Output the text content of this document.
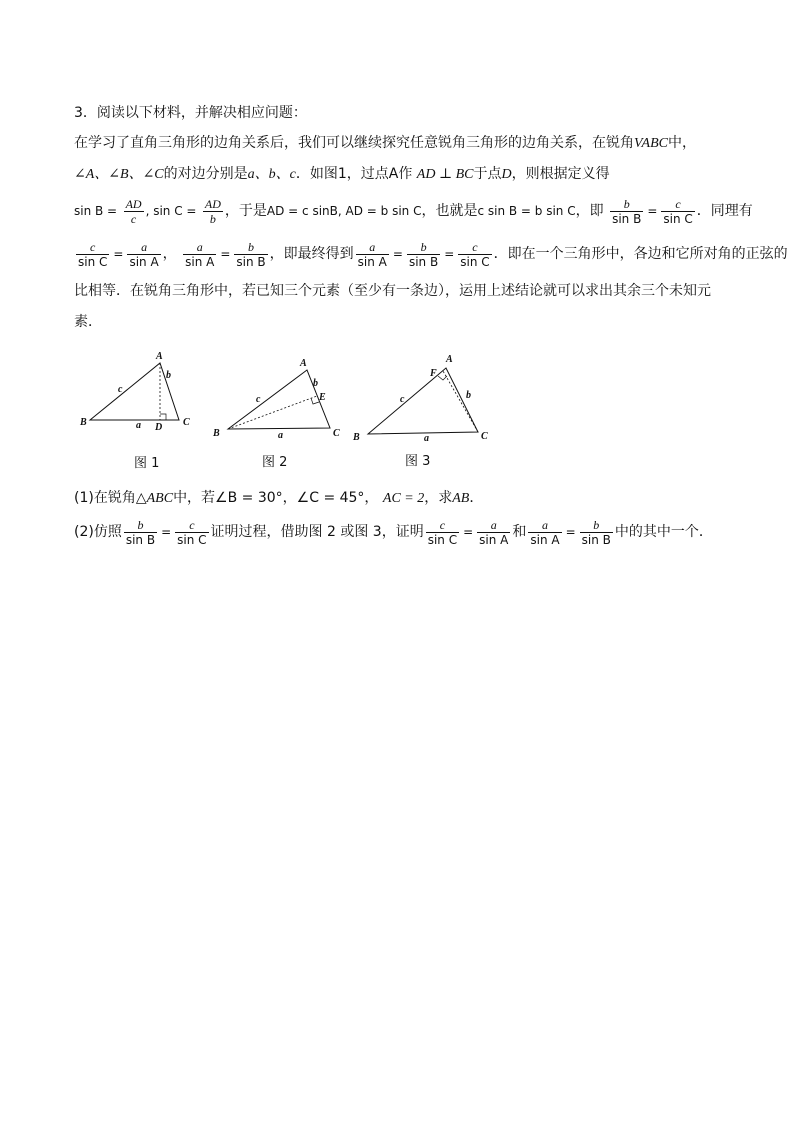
3．阅读以下材料，并解决相应问题：
在学习了直角三角形的边角关系后，我们可以继续探究任意锐角三角形的边角关系，在锐角VABC中，
∠A、∠B、∠C的对边分别是a、b、c．如图1，过点A作 AD ⊥ BC于点D，则根据定义得
$\sin B = \frac{AD}{c}$ , $\sin C = \frac{AD}{b}$ ，于是AD = c sinB, AD = b sin C，也就是c sin B = b sin C，即 $\frac{b}{\text{sin B}} = \frac{c}{\text{sin C}}$ ．同理有
$\frac{c}{\text{sin C}} = \frac{a}{\text{sin A}}$ ， $\frac{a}{\text{sin A}} = \frac{b}{\text{sin B}}$ ，即最终得到 $\frac{a}{\text{sin A}} = \frac{b}{\text{sin B}} = \frac{c}{\text{sin C}}$ ．即在一个三角形中，各边和它所对角的正弦的
比相等．在锐角三角形中，若已知三个元素（至少有一条边），运用上述结论就可以求出其余三个未知元
素．
A
B	C
D
a
b
c
A
B	C
E
a
b
c
A
B	C
F
a
b
c
图 1	图 2	图 3
(1)在锐角△ABC中，若∠B = 30°，∠C = 45°， AC = 2，求AB．
(2)仿照 $\frac{b}{\text{sin B}} = \frac{c}{\text{sin C}}$ 证明过程，借助图 2 或图 3，证明 $\frac{c}{\text{sin C}} = \frac{a}{\text{sin A}}$ 和 $\frac{a}{\text{sin A}} = \frac{b}{\text{sin B}}$ 中的其中一个．
